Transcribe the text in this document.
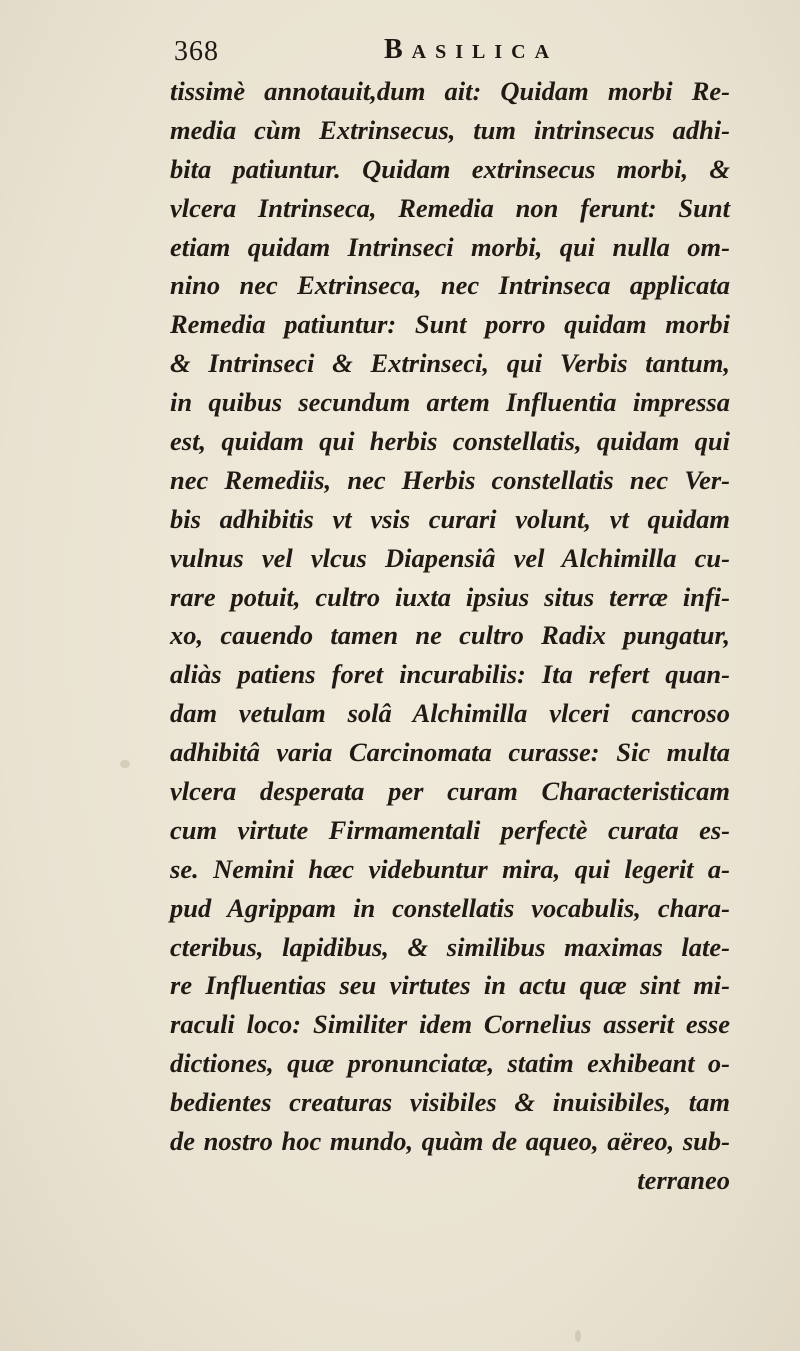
368	Basilica
tissimè annotauit,dum ait: Quidam morbi Re-
media cùm Extrinsecus, tum intrinsecus adhi-
bita patiuntur. Quidam extrinsecus morbi, &
vlcera Intrinseca, Remedia non ferunt: Sunt
etiam quidam Intrinseci morbi, qui nulla om-
nino nec Extrinseca, nec Intrinseca applicata
Remedia patiuntur: Sunt porro quidam morbi
& Intrinseci & Extrinseci, qui Verbis tantum,
in quibus secundum artem Influentia impressa
est, quidam qui herbis constellatis, quidam qui
nec Remediis, nec Herbis constellatis nec Ver-
bis adhibitis vt vsis curari volunt, vt quidam
vulnus vel vlcus Diapensiâ vel Alchimilla cu-
rare potuit, cultro iuxta ipsius situs terræ infi-
xo, cauendo tamen ne cultro Radix pungatur,
aliàs patiens foret incurabilis: Ita refert quan-
dam vetulam solâ Alchimilla vlceri cancroso
adhibitâ varia Carcinomata curasse: Sic multa
vlcera desperata per curam Characteristicam
cum virtute Firmamentali perfectè curata es-
se. Nemini hæc videbuntur mira, qui legerit a-
pud Agrippam in constellatis vocabulis, chara-
cteribus, lapidibus, & similibus maximas late-
re Influentias seu virtutes in actu quæ sint mi-
raculi loco: Similiter idem Cornelius asserit esse
dictiones, quæ pronunciatæ, statim exhibeant o-
bedientes creaturas visibiles & inuisibiles, tam
de nostro hoc mundo, quàm de aqueo, aëreo, sub-
terraneo
